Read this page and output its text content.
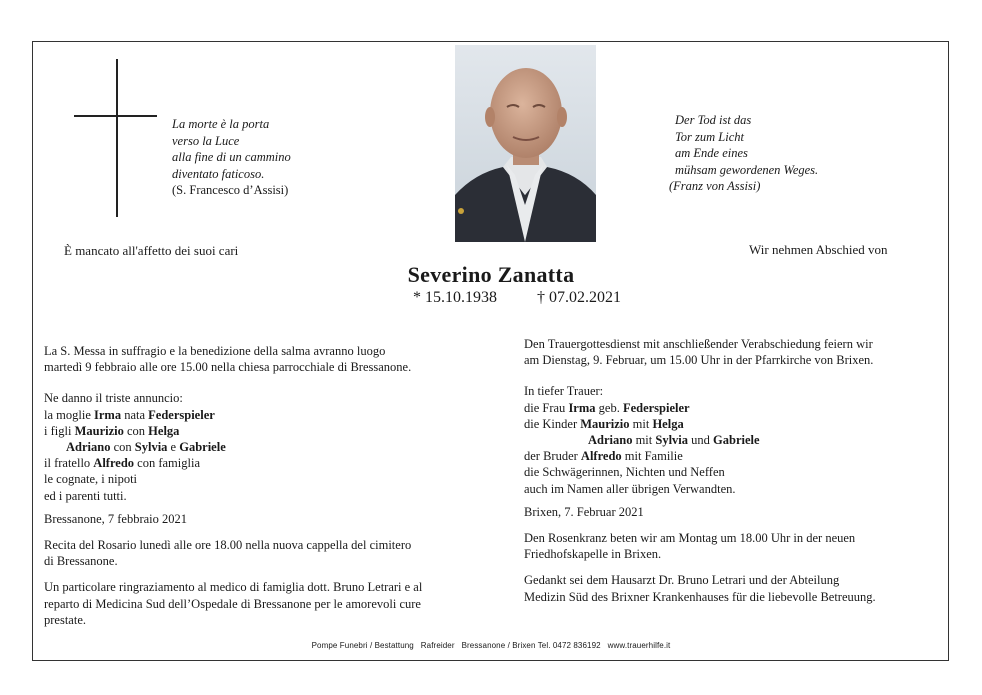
La morte è la porta
verso la Luce
alla fine di un cammino
diventato faticoso.
(S. Francesco d’Assisi)
Der Tod ist das
Tor zum Licht
am Ende eines
mühsam gewordenen Weges.
(Franz von Assisi)
È mancato all'affetto dei suoi cari	Wir nehmen Abschied von
Severino Zanatta
* 15.10.1938	† 07.02.2021

La S. Messa in suffragio e la benedizione della salma avranno luogo
martedì 9 febbraio alle ore 15.00 nella chiesa parrocchiale di Bressanone.

Ne danno il triste annuncio:
la moglie Irma nata Federspieler
i figli Maurizio con Helga
Adriano con Sylvia e Gabriele
il fratello Alfredo con famiglia
le cognate, i nipoti
ed i parenti tutti.

Bressanone, 7 febbraio 2021

Recita del Rosario lunedì alle ore 18.00 nella nuova cappella del cimitero
di Bressanone.

Un particolare ringraziamento al medico di famiglia dott. Bruno Letrari e al
reparto di Medicina Sud dell’Ospedale di Bressanone per le amorevoli cure
prestate.

Den Trauergottesdienst mit anschließender Verabschiedung feiern wir
am Dienstag, 9. Februar, um 15.00 Uhr in der Pfarrkirche von Brixen.

In tiefer Trauer:
die Frau Irma geb. Federspieler
die Kinder Maurizio mit Helga
Adriano mit Sylvia und Gabriele
der Bruder Alfredo mit Familie
die Schwägerinnen, Nichten und Neffen
auch im Namen aller übrigen Verwandten.

Brixen, 7. Februar 2021

Den Rosenkranz beten wir am Montag um 18.00 Uhr in der neuen
Friedhofskapelle in Brixen.

Gedankt sei dem Hausarzt Dr. Bruno Letrari und der Abteilung
Medizin Süd des Brixner Krankenhauses für die liebevolle Betreuung.

Pompe Funebri / Bestattung   Rafreider   Bressanone / Brixen Tel. 0472 836192   www.trauerhilfe.it
